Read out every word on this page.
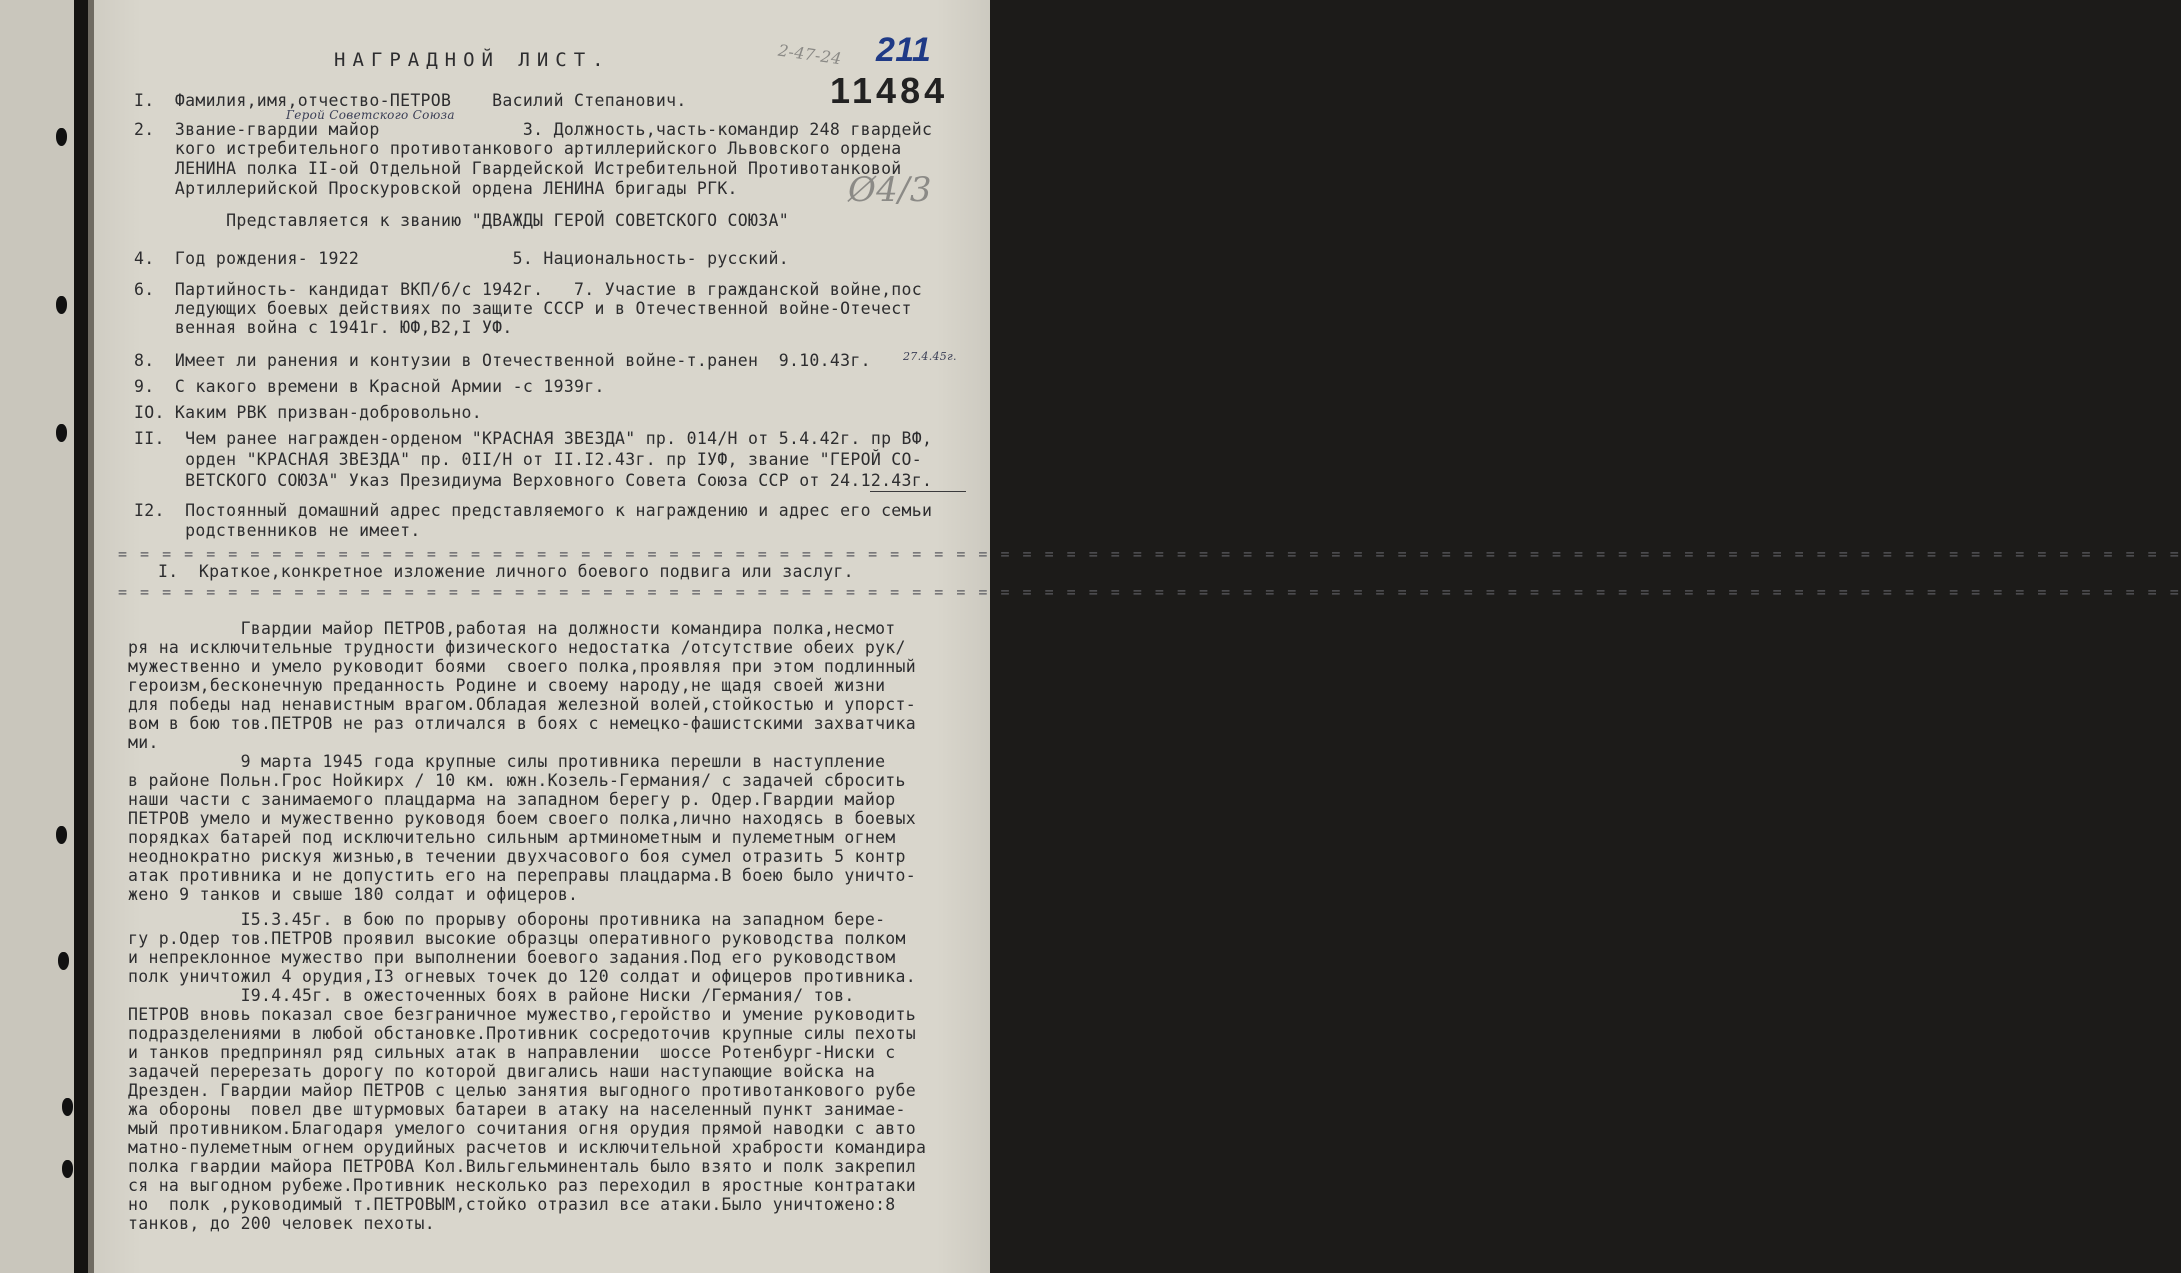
2-47-24 211

11484

Ø4/3

НАГРАДНОЙ ЛИСТ.

Герой Советского Союза

I.  Фамилия,имя,отчество-ПЕТРОВ    Василий Степанович.

2.  Звание-гвардии майор              3. Должность,часть-командир 248 гвардейс

кого истребительного противотанкового артиллерийского Львовского ордена

ЛЕНИНА полка II-ой Отдельной Гвардейской Истребительной Противотанковой

Артиллерийской Проскуровской ордена ЛЕНИНА бригады РГК.

Представляется к званию "ДВАЖДЫ ГЕРОЙ СОВЕТСКОГО СОЮЗА"

4.  Год рождения- 1922               5. Национальность- русский.

6.  Партийность- кандидат ВКП/б/с 1942г.   7. Участие в гражданской войне,пос

ледующих боевых действиях по защите СССР и в Отечественной войне-Отечест

венная война с 1941г. ЮФ,В2,I УФ.

8.  Имеет ли ранения и контузии в Отечественной войне-т.ранен  9.10.43г.	27.4.45г.

9.  С какого времени в Красной Армии -с 1939г.

IO. Каким РВК призван-добровольно.

II.  Чем ранее награжден-орденом "КРАСНАЯ ЗВЕЗДА" пр. 014/Н от 5.4.42г. пр ВФ,

орден "КРАСНАЯ ЗВЕЗДА" пр. 0II/Н от II.I2.43г. пр IУФ, звание "ГЕРОЙ СО-

ВЕТСКОГО СОЮЗА" Указ Президиума Верховного Совета Союза ССР от 24.12.43г.

I2.  Постоянный домашний адрес представляемого к награждению и адрес его семьи

родственников не имеет.

= = = = = = = = = = = = = = = = = = = = = = = = = = = = = = = = = = = = = = = = = = = = = = = = = = = = = = = = = = = = = = = = = = = = = = = = = = = = = = = = = = = = = = = = = = = = = =

I.  Краткое,конкретное изложение личного боевого подвига или заслуг.

= = = = = = = = = = = = = = = = = = = = = = = = = = = = = = = = = = = = = = = = = = = = = = = = = = = = = = = = = = = = = = = = = = = = = = = = = = = = = = = = = = = = = = = = = = = = = =

Гвардии майор ПЕТРОВ,работая на должности командира полка,несмот

ря на исключительные трудности физического недостатка /отсутствие обеих рук/

мужественно и умело руководит боями  своего полка,проявляя при этом подлинный

героизм,бесконечную преданность Родине и своему народу,не щадя своей жизни

для победы над ненавистным врагом.Обладая железной волей,стойкостью и упорст-

вом в бою тов.ПЕТРОВ не раз отличался в боях с немецко-фашистскими захватчика

ми.

9 марта 1945 года крупные силы противника перешли в наступление

в районе Польн.Грос Нойкирх / 10 км. южн.Козель-Германия/ с задачей сбросить

наши части с занимаемого плацдарма на западном берегу р. Одер.Гвардии майор

ПЕТРОВ умело и мужественно руководя боем своего полка,лично находясь в боевых

порядках батарей под исключительно сильным артминометным и пулеметным огнем

неоднократно рискуя жизнью,в течении двухчасового боя сумел отразить 5 контр

атак противника и не допустить его на переправы плацдарма.В боею было уничто-

жено 9 танков и свыше 180 солдат и офицеров.

I5.3.45г. в бою по прорыву обороны противника на западном бере-

гу р.Одер тов.ПЕТРОВ проявил высокие образцы оперативного руководства полком

и непреклонное мужество при выполнении боевого задания.Под его руководством

полк уничтожил 4 орудия,I3 огневых точек до 120 солдат и офицеров противника.

I9.4.45г. в ожесточенных боях в районе Ниски /Германия/ тов.

ПЕТРОВ вновь показал свое безграничное мужество,геройство и умение руководить

подразделениями в любой обстановке.Противник сосредоточив крупные силы пехоты

и танков предпринял ряд сильных атак в направлении  шоссе Ротенбург-Ниски с

задачей перерезать дорогу по которой двигались наши наступающие войска на

Дрезден. Гвардии майор ПЕТРОВ с целью занятия выгодного противотанкового рубе

жа обороны  повел две штурмовых батареи в атаку на населенный пункт занимае-

мый противником.Благодаря умелого сочитания огня орудия прямой наводки с авто

матно-пулеметным огнем орудийных расчетов и исключительной храбрости командира

полка гвардии майора ПЕТРОВА Кол.Вильгельминенталь было взято и полк закрепил

ся на выгодном рубеже.Противник несколько раз переходил в яростные контратаки

но  полк ,руководимый т.ПЕТРОВЫМ,стойко отразил все атаки.Было уничтожено:8

танков, до 200 человек пехоты.
